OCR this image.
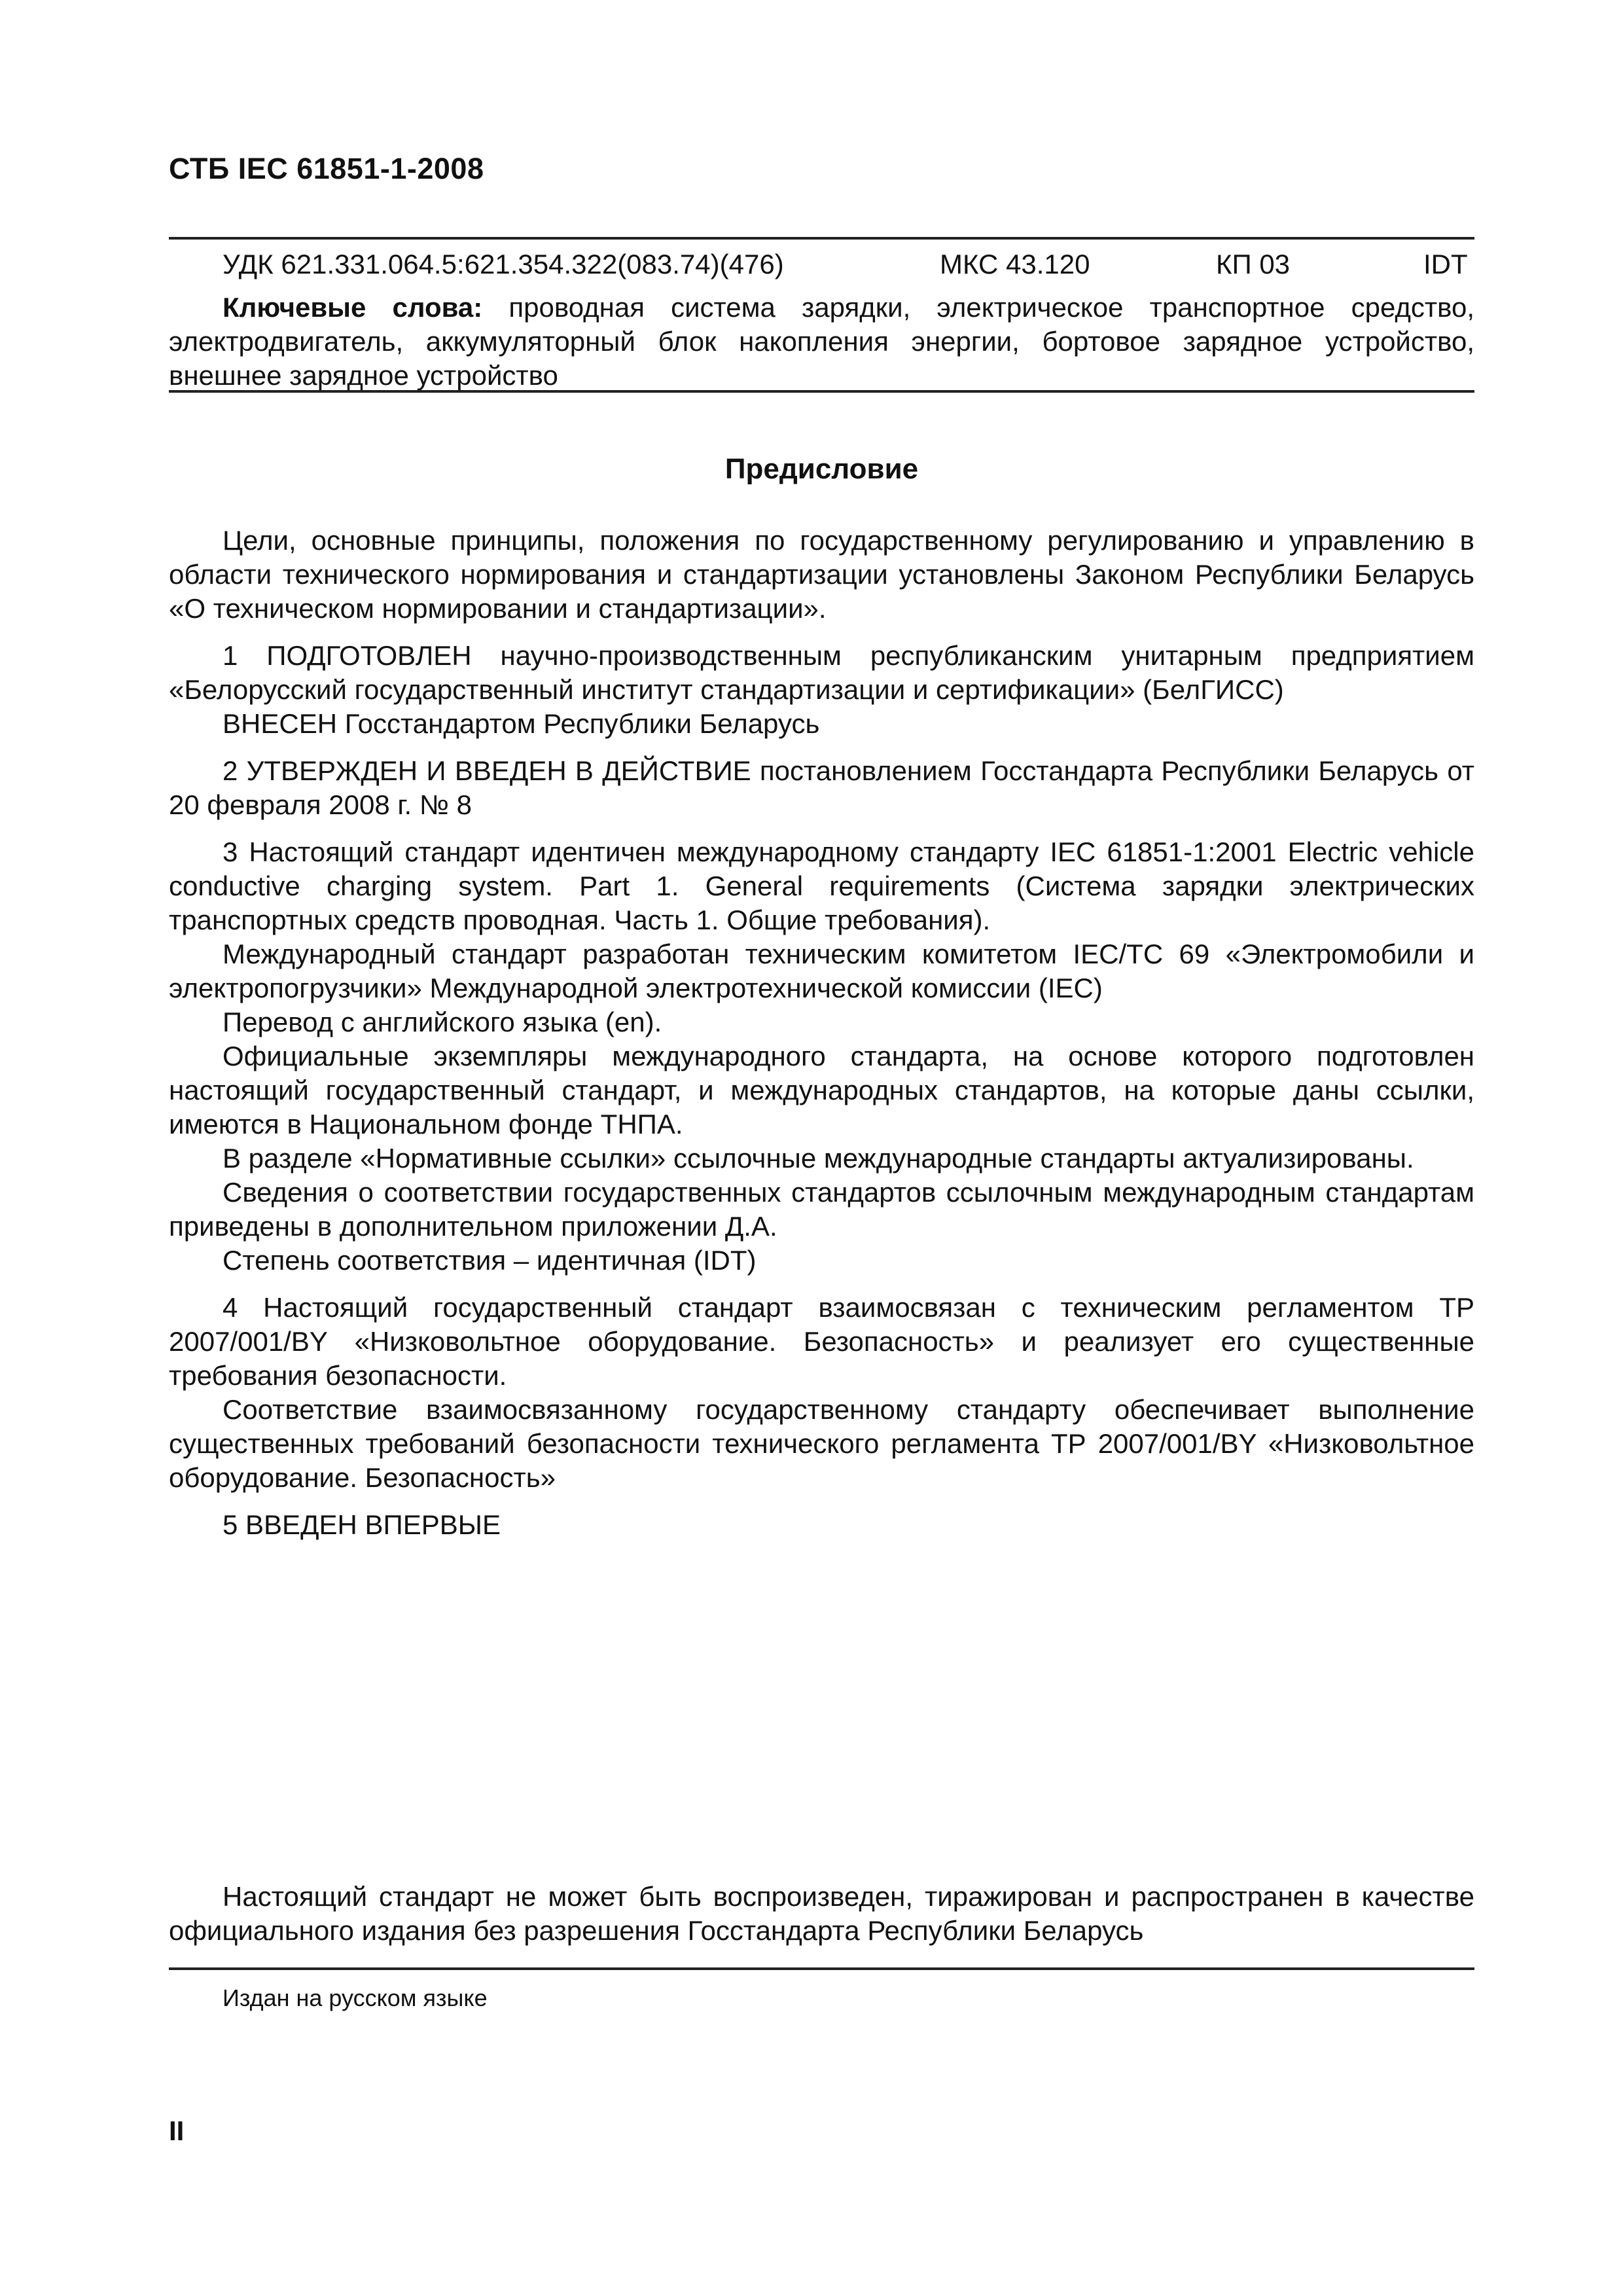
СТБ IEC 61851-1-2008
УДК 621.331.064.5:621.354.322(083.74)(476)	МКС 43.120	КП 03	IDT
Ключевые слова: проводная система зарядки, электрическое транспортное средство, электродвигатель, аккумуляторный блок накопления энергии, бортовое зарядное устройство, внешнее зарядное устройство
Предисловие

Цели, основные принципы, положения по государственному регулированию и управлению в области технического нормирования и стандартизации установлены Законом Республики Беларусь «О техническом нормировании и стандартизации».

1 ПОДГОТОВЛЕН научно-производственным республиканским унитарным предприятием «Белорусский государственный институт стандартизации и сертификации» (БелГИСС)

ВНЕСЕН Госстандартом Республики Беларусь

2 УТВЕРЖДЕН И ВВЕДЕН В ДЕЙСТВИЕ постановлением Госстандарта Республики Беларусь от 20 февраля 2008 г. № 8

3 Настоящий стандарт идентичен международному стандарту IEC 61851-1:2001 Electric vehicle conductive charging system. Part 1. General requirements (Система зарядки электрических транспортных средств проводная. Часть 1. Общие требования).

Международный стандарт разработан техническим комитетом IEC/TC 69 «Электромобили и электропогрузчики» Международной электротехнической комиссии (IEC)

Перевод с английского языка (en).

Официальные экземпляры международного стандарта, на основе которого подготовлен настоящий государственный стандарт, и международных стандартов, на которые даны ссылки, имеются в Национальном фонде ТНПА.

В разделе «Нормативные ссылки» ссылочные международные стандарты актуализированы.

Сведения о соответствии государственных стандартов ссылочным международным стандартам приведены в дополнительном приложении Д.А.

Степень соответствия – идентичная (IDT)

4 Настоящий государственный стандарт взаимосвязан с техническим регламентом ТР 2007/001/BY «Низковольтное оборудование. Безопасность» и реализует его существенные требования безопасности.

Соответствие взаимосвязанному государственному стандарту обеспечивает выполнение существенных требований безопасности технического регламента ТР 2007/001/BY «Низковольтное оборудование. Безопасность»

5 ВВЕДЕН ВПЕРВЫЕ

Настоящий стандарт не может быть воспроизведен, тиражирован и распространен в качестве официального издания без разрешения Госстандарта Республики Беларусь
Издан на русском языке
II
